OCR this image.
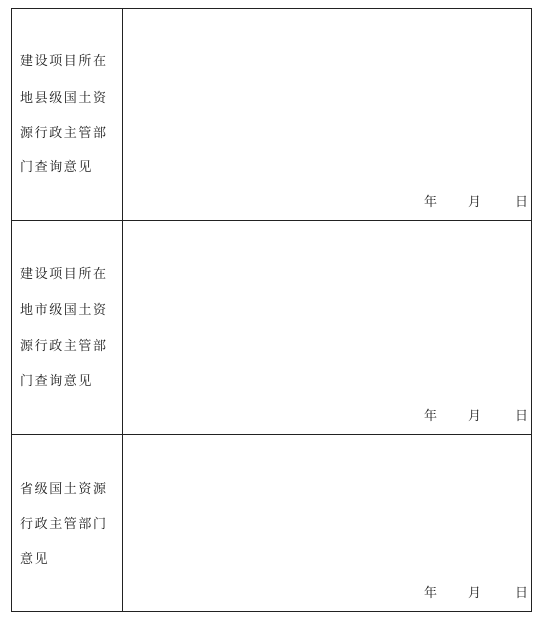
建设项目所在
地县级国土资
源行政主管部
门查询意见
年 月	日
建设项目所在
地市级国土资
源行政主管部
门查询意见
年 月	日
省级国土资源
行政主管部门
意见
年 月	日
